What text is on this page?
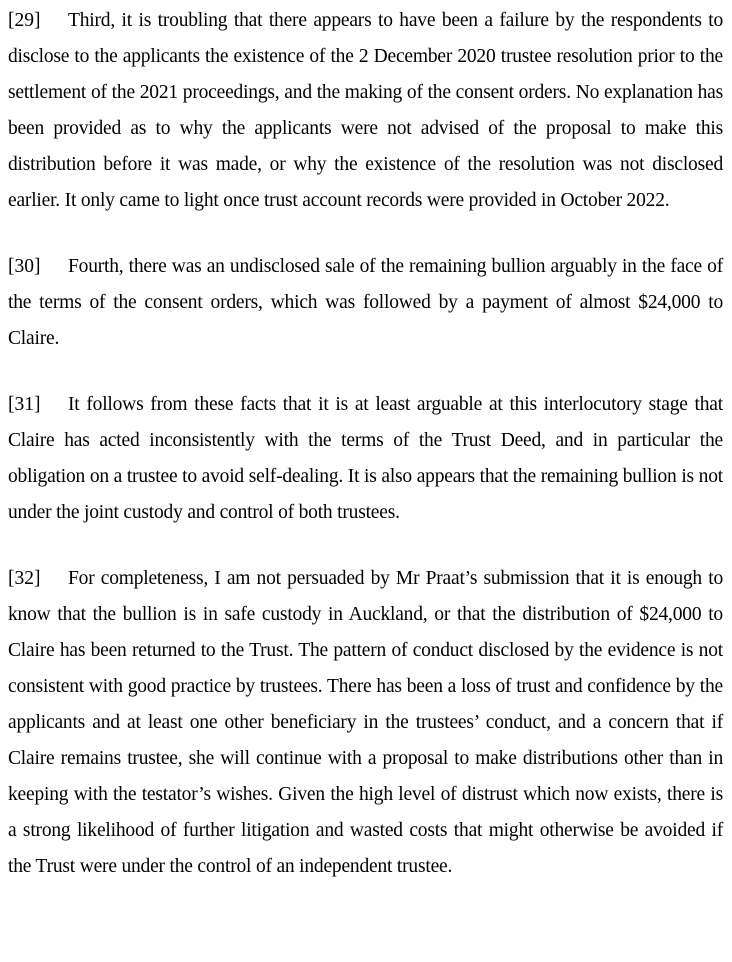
[29] Third, it is troubling that there appears to have been a failure by the respondents to disclose to the applicants the existence of the 2 December 2020 trustee resolution prior to the settlement of the 2021 proceedings, and the making of the consent orders. No explanation has been provided as to why the applicants were not advised of the proposal to make this distribution before it was made, or why the existence of the resolution was not disclosed earlier. It only came to light once trust account records were provided in October 2022.

[30] Fourth, there was an undisclosed sale of the remaining bullion arguably in the face of the terms of the consent orders, which was followed by a payment of almost $24,000 to Claire.

[31] It follows from these facts that it is at least arguable at this interlocutory stage that Claire has acted inconsistently with the terms of the Trust Deed, and in particular the obligation on a trustee to avoid self-dealing. It is also appears that the remaining bullion is not under the joint custody and control of both trustees.

[32] For completeness, I am not persuaded by Mr Praat’s submission that it is enough to know that the bullion is in safe custody in Auckland, or that the distribution of $24,000 to Claire has been returned to the Trust. The pattern of conduct disclosed by the evidence is not consistent with good practice by trustees. There has been a loss of trust and confidence by the applicants and at least one other beneficiary in the trustees’ conduct, and a concern that if Claire remains trustee, she will continue with a proposal to make distributions other than in keeping with the testator’s wishes. Given the high level of distrust which now exists, there is a strong likelihood of further litigation and wasted costs that might otherwise be avoided if the Trust were under the control of an independent trustee.
